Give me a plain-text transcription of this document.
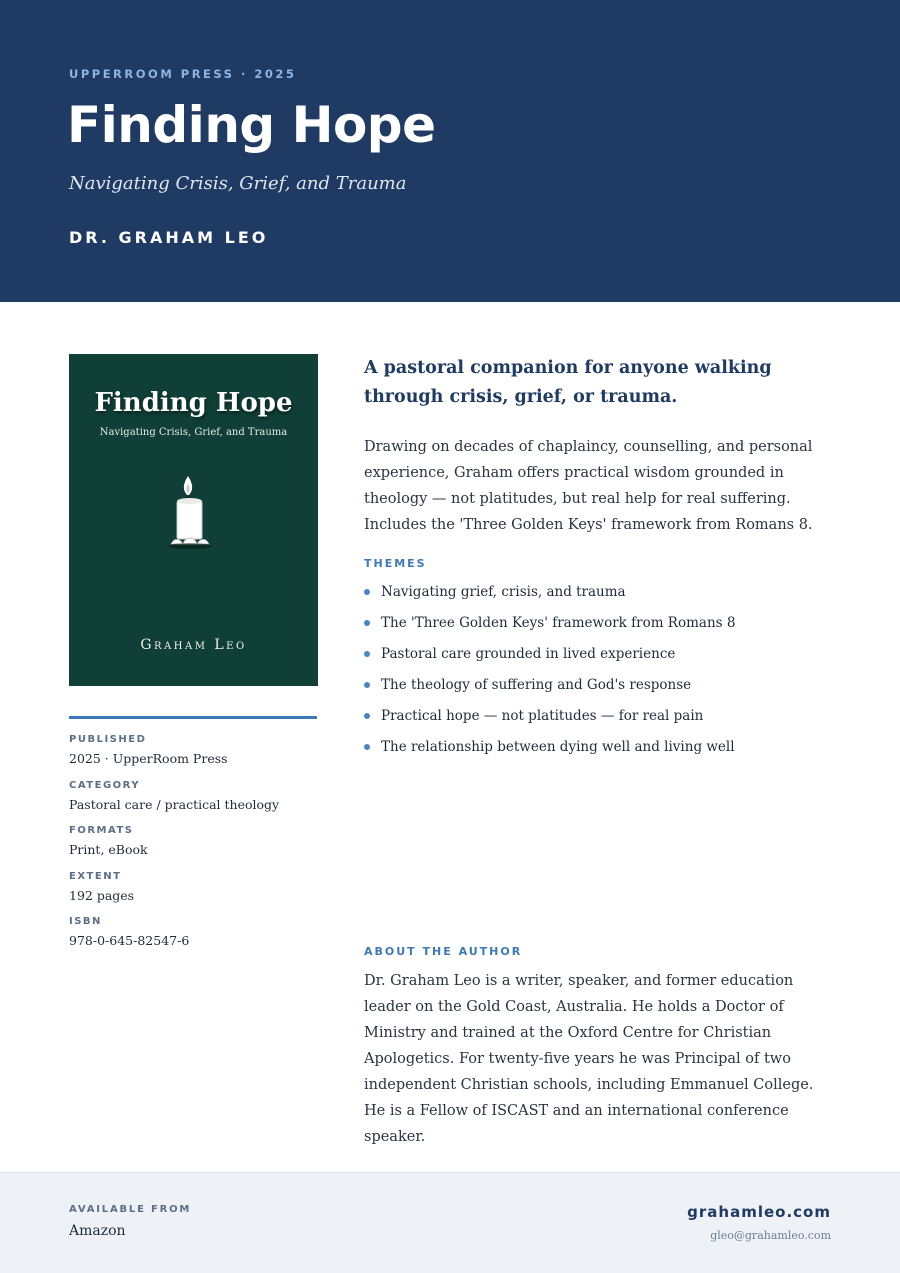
UPPERROOM PRESS · 2025
Finding Hope
Navigating Crisis, Grief, and Trauma
DR. GRAHAM LEO
Finding Hope
Navigating Crisis, Grief, and Trauma
Graham Leo
PUBLISHED
2025 · UpperRoom Press
CATEGORY
Pastoral care / practical theology
FORMATS
Print, eBook
EXTENT
192 pages
ISBN
978-0-645-82547-6
A pastoral companion for anyone walking through crisis, grief, or trauma.
Drawing on decades of chaplaincy, counselling, and personal experience, Graham offers practical wisdom grounded in theology — not platitudes, but real help for real suffering. Includes the 'Three Golden Keys' framework from Romans 8.
THEMES
Navigating grief, crisis, and trauma
The 'Three Golden Keys' framework from Romans 8
Pastoral care grounded in lived experience
The theology of suffering and God's response
Practical hope — not platitudes — for real pain
The relationship between dying well and living well
ABOUT THE AUTHOR
Dr. Graham Leo is a writer, speaker, and former education leader on the Gold Coast, Australia. He holds a Doctor of Ministry and trained at the Oxford Centre for Christian Apologetics. For twenty-five years he was Principal of two independent Christian schools, including Emmanuel College. He is a Fellow of ISCAST and an international conference speaker.
AVAILABLE FROM
Amazon
grahamleo.com
gleo@grahamleo.com
